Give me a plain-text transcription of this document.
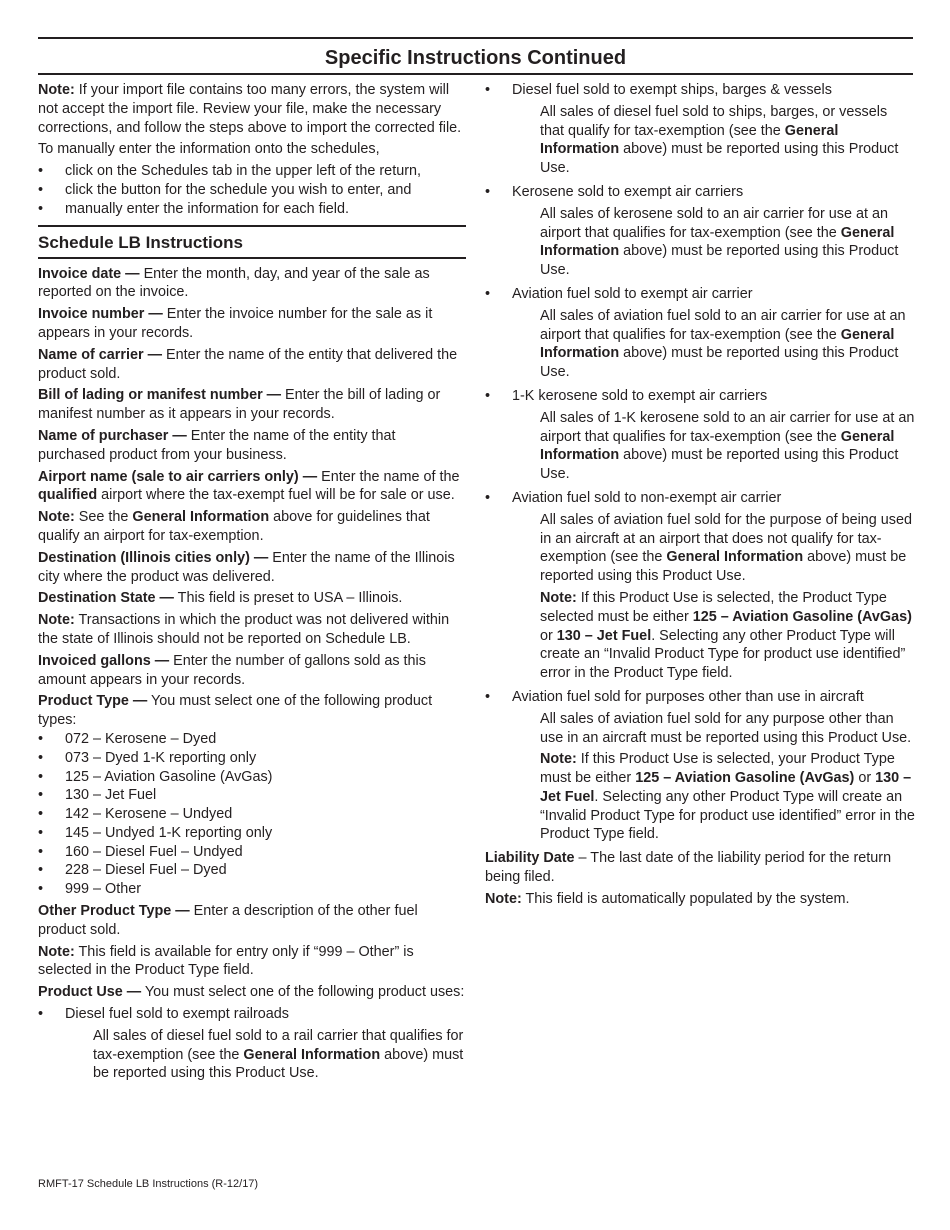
Specific Instructions Continued

Note: If your import file contains too many errors, the system will not accept the import file. Review your file, make the necessary corrections, and follow the steps above to import the corrected file.

To manually enter the information onto the schedules,

• click on the Schedules tab in the upper left of the return,
• click the button for the schedule you wish to enter, and
• manually enter the information for each field.
Schedule LB Instructions

Invoice date — Enter the month, day, and year of the sale as reported on the invoice.

Invoice number — Enter the invoice number for the sale as it appears in your records.

Name of carrier — Enter the name of the entity that delivered the product sold.

Bill of lading or manifest number — Enter the bill of lading or manifest number as it appears in your records.

Name of purchaser — Enter the name of the entity that purchased product from your business.

Airport name (sale to air carriers only) — Enter the name of the qualified airport where the tax-exempt fuel will be for sale or use.

Note: See the General Information above for guidelines that qualify an airport for tax-exemption.

Destination (Illinois cities only) — Enter the name of the Illinois city where the product was delivered.

Destination State — This field is preset to USA – Illinois.

Note: Transactions in which the product was not delivered within the state of Illinois should not be reported on Schedule LB.

Invoiced gallons — Enter the number of gallons sold as this amount appears in your records.

Product Type — You must select one of the following product types:

• 072 – Kerosene – Dyed
• 073 – Dyed 1-K reporting only
• 125 – Aviation Gasoline (AvGas)
• 130 – Jet Fuel
• 142 – Kerosene – Undyed
• 145 – Undyed 1-K reporting only
• 160 – Diesel Fuel – Undyed
• 228 – Diesel Fuel – Dyed
• 999 – Other

Other Product Type — Enter a description of the other fuel product sold.

Note: This field is available for entry only if “999 – Other” is selected in the Product Type field.

Product Use — You must select one of the following product uses:

• Diesel fuel sold to exempt railroads

All sales of diesel fuel sold to a rail carrier that qualifies for tax-exemption (see the General Information above) must be reported using this Product Use.

• Diesel fuel sold to exempt ships, barges & vessels

All sales of diesel fuel sold to ships, barges, or vessels that qualify for tax-exemption (see the General Information above) must be reported using this Product Use.

• Kerosene sold to exempt air carriers

All sales of kerosene sold to an air carrier for use at an airport that qualifies for tax-exemption (see the General Information above) must be reported using this Product Use.

• Aviation fuel sold to exempt air carrier

All sales of aviation fuel sold to an air carrier for use at an airport that qualifies for tax-exemption (see the General Information above) must be reported using this Product Use.

• 1-K kerosene sold to exempt air carriers

All sales of 1-K kerosene sold to an air carrier for use at an airport that qualifies for tax-exemption (see the General Information above) must be reported using this Product Use.

• Aviation fuel sold to non-exempt air carrier

All sales of aviation fuel sold for the purpose of being used in an aircraft at an airport that does not qualify for tax-exemption (see the General Information above) must be reported using this Product Use.

Note: If this Product Use is selected, the Product Type selected must be either 125 – Aviation Gasoline (AvGas) or 130 – Jet Fuel. Selecting any other Product Type will create an “Invalid Product Type for product use identified” error in the Product Type field.

• Aviation fuel sold for purposes other than use in aircraft

All sales of aviation fuel sold for any purpose other than use in an aircraft must be reported using this Product Use.

Note: If this Product Use is selected, your Product Type must be either 125 – Aviation Gasoline (AvGas) or 130 – Jet Fuel. Selecting any other Product Type will create an “Invalid Product Type for product use identified” error in the Product Type field.

Liability Date – The last date of the liability period for the return being filed.

Note: This field is automatically populated by the system.

RMFT-17 Schedule LB Instructions (R-12/17)
